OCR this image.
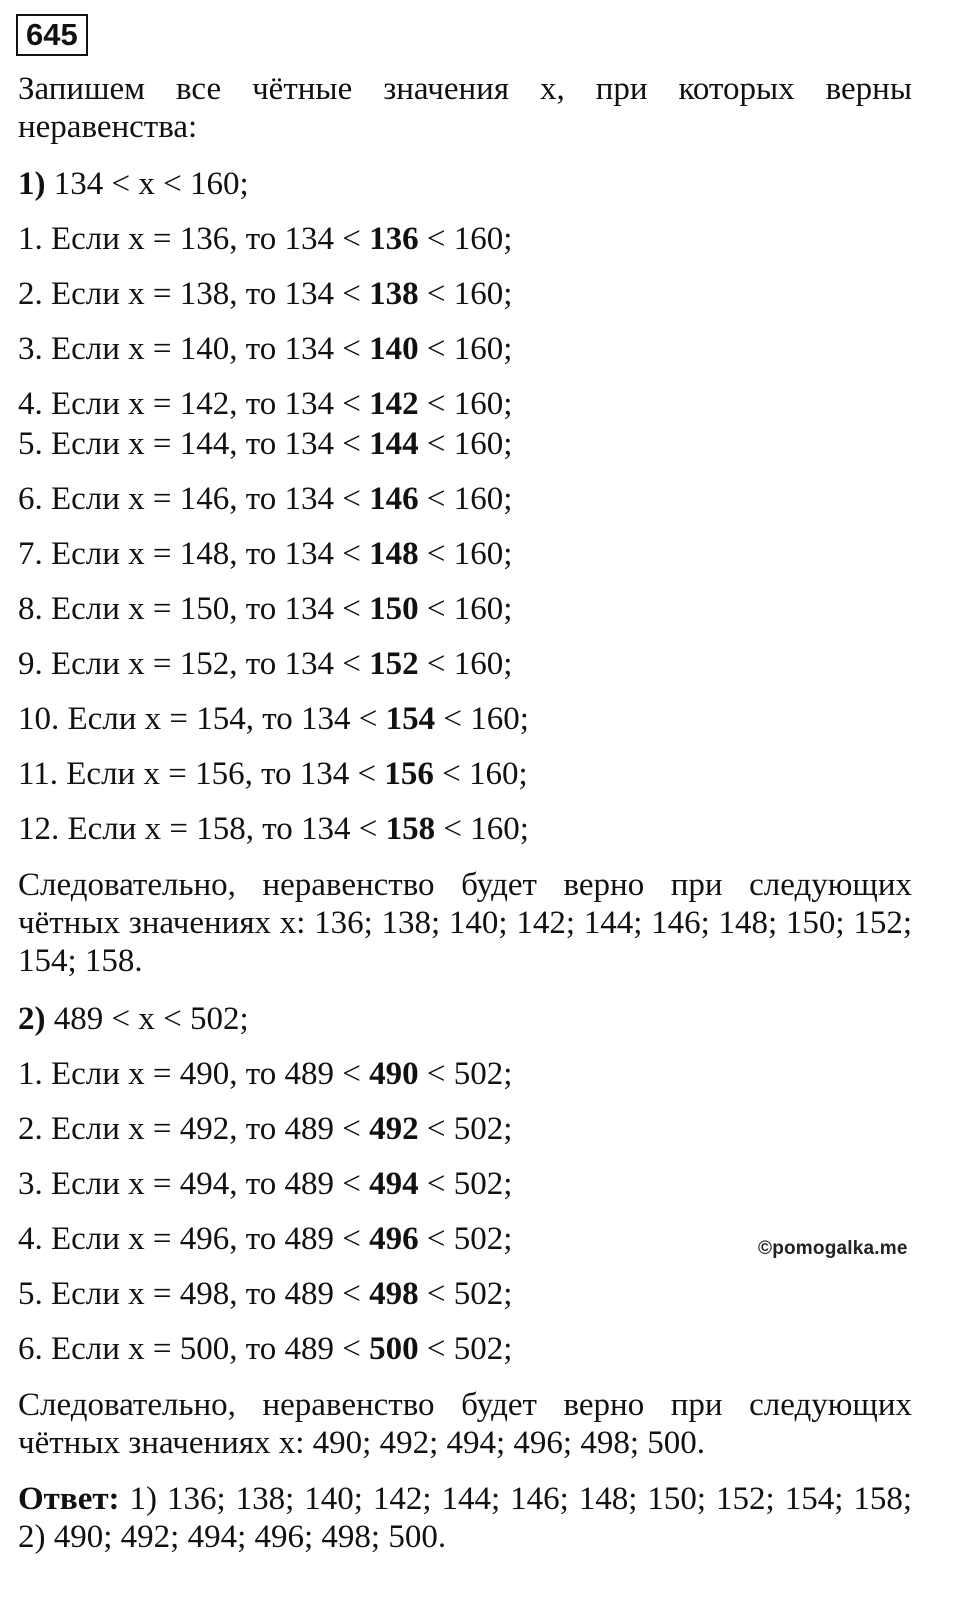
645
Запишем все чётные значения x, при которых верны
неравенства:
1) 134 < x < 160;
1. Если x = 136, то 134 < 136 < 160;
2. Если x = 138, то 134 < 138 < 160;
3. Если x = 140, то 134 < 140 < 160;
4. Если x = 142, то 134 < 142 < 160;
5. Если x = 144, то 134 < 144 < 160;
6. Если x = 146, то 134 < 146 < 160;
7. Если x = 148, то 134 < 148 < 160;
8. Если x = 150, то 134 < 150 < 160;
9. Если x = 152, то 134 < 152 < 160;
10. Если x = 154, то 134 < 154 < 160;
11. Если x = 156, то 134 < 156 < 160;
12. Если x = 158, то 134 < 158 < 160;
Следовательно, неравенство будет верно при следующих
чётных значениях x: 136; 138; 140; 142; 144; 146; 148; 150; 152;
154; 158.
2) 489 < x < 502;
1. Если x = 490, то 489 < 490 < 502;
2. Если x = 492, то 489 < 492 < 502;
3. Если x = 494, то 489 < 494 < 502;
4. Если x = 496, то 489 < 496 < 502;
5. Если x = 498, то 489 < 498 < 502;
6. Если x = 500, то 489 < 500 < 502;
©pomogalka.me
Следовательно, неравенство будет верно при следующих
чётных значениях x: 490; 492; 494; 496; 498; 500.
Ответ: 1) 136; 138; 140; 142; 144; 146; 148; 150; 152; 154; 158;
2) 490; 492; 494; 496; 498; 500.
